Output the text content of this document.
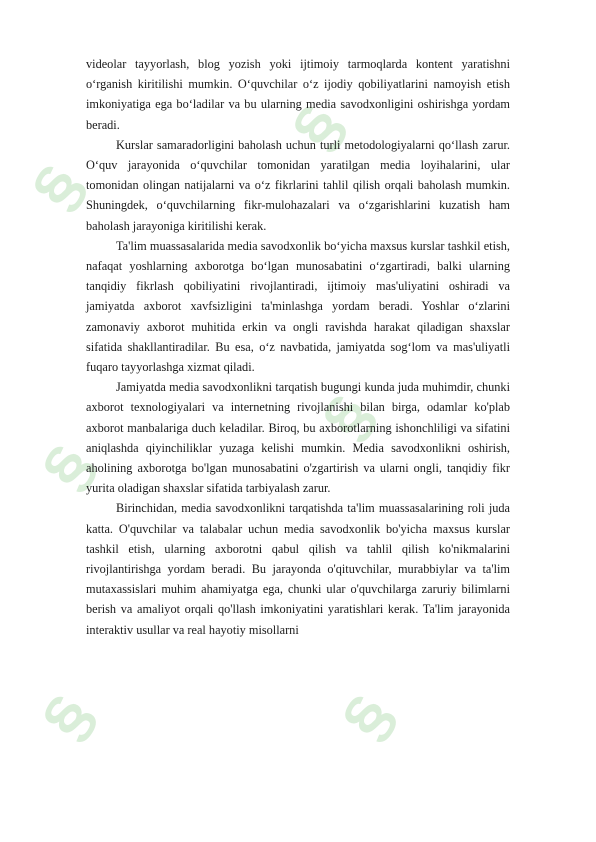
§
§
§
§
§	§

videolar tayyorlash, blog yozish yoki ijtimoiy tarmoqlarda kontent yaratishni o‘rganish kiritilishi mumkin. O‘quvchilar o‘z ijodiy qobiliyatlarini namoyish etish imkoniyatiga ega bo‘ladilar va bu ularning media savodxonligini oshirishga yordam beradi.

Kurslar samaradorligini baholash uchun turli metodologiyalarni qo‘llash zarur. O‘quv jarayonida o‘quvchilar tomonidan yaratilgan media loyihalarini, ular tomonidan olingan natijalarni va o‘z fikrlarini tahlil qilish orqali baholash mumkin. Shuningdek, o‘quvchilarning fikr-mulohazalari va o‘zgarishlarini kuzatish ham baholash jarayoniga kiritilishi kerak.

Ta'lim muassasalarida media savodxonlik bo‘yicha maxsus kurslar tashkil etish, nafaqat yoshlarning axborotga bo‘lgan munosabatini o‘zgartiradi, balki ularning tanqidiy fikrlash qobiliyatini rivojlantiradi, ijtimoiy mas'uliyatini oshiradi va jamiyatda axborot xavfsizligini ta'minlashga yordam beradi. Yoshlar o‘zlarini zamonaviy axborot muhitida erkin va ongli ravishda harakat qiladigan shaxslar sifatida shakllantiradilar. Bu esa, o‘z navbatida, jamiyatda sog‘lom va mas'uliyatli fuqaro tayyorlashga xizmat qiladi.

Jamiyatda media savodxonlikni tarqatish bugungi kunda juda muhimdir, chunki axborot texnologiyalari va internetning rivojlanishi bilan birga, odamlar ko'plab axborot manbalariga duch keladilar. Biroq, bu axborotlarning ishonchliligi va sifatini aniqlashda qiyinchiliklar yuzaga kelishi mumkin. Media savodxonlikni oshirish, aholining axborotga bo'lgan munosabatini o'zgartirish va ularni ongli, tanqidiy fikr yurita oladigan shaxslar sifatida tarbiyalash zarur.

Birinchidan, media savodxonlikni tarqatishda ta'lim muassasalarining roli juda katta. O'quvchilar va talabalar uchun media savodxonlik bo'yicha maxsus kurslar tashkil etish, ularning axborotni qabul qilish va tahlil qilish ko'nikmalarini rivojlantirishga yordam beradi. Bu jarayonda o'qituvchilar, murabbiylar va ta'lim mutaxassislari muhim ahamiyatga ega, chunki ular o'quvchilarga zaruriy bilimlarni berish va amaliyot orqali qo'llash imkoniyatini yaratishlari kerak. Ta'lim jarayonida interaktiv usullar va real hayotiy misollarni
